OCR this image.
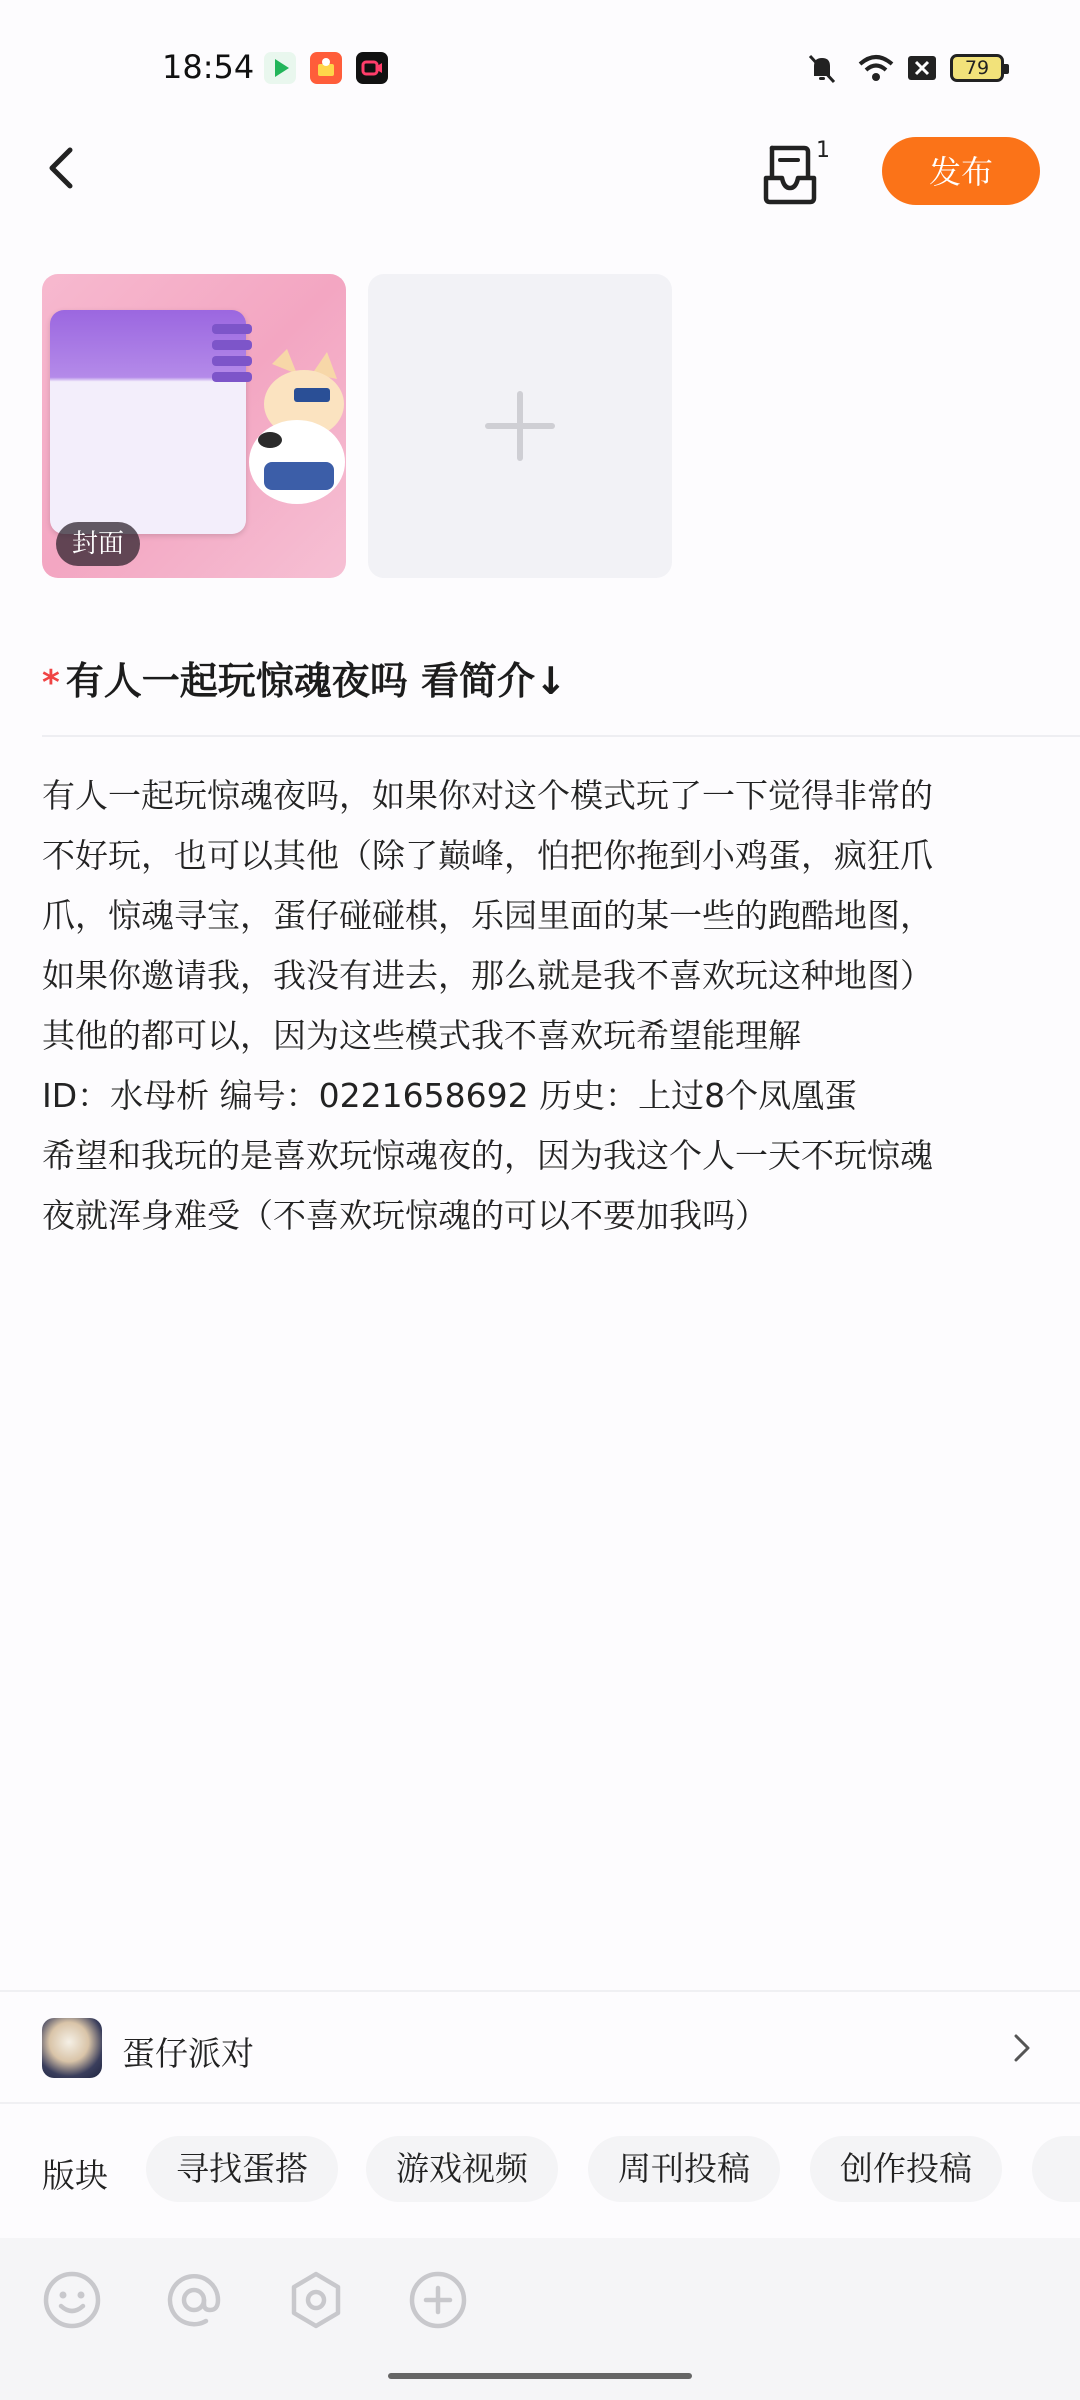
18:54	79
1
发布
封面
* 有人一起玩惊魂夜吗 看简介↓
有人一起玩惊魂夜吗，如果你对这个模式玩了一下觉得非常的
不好玩，也可以其他（除了巅峰，怕把你拖到小鸡蛋，疯狂爪
爪，惊魂寻宝，蛋仔碰碰棋，乐园里面的某一些的跑酷地图，
如果你邀请我，我没有进去，那么就是我不喜欢玩这种地图）
其他的都可以，因为这些模式我不喜欢玩希望能理解
ID：水母析 编号：0221658692 历史：上过8个凤凰蛋
希望和我玩的是喜欢玩惊魂夜的，因为我这个人一天不玩惊魂
夜就浑身难受（不喜欢玩惊魂的可以不要加我吗）
蛋仔派对
版块	寻找蛋搭	游戏视频	周刊投稿	创作投稿
